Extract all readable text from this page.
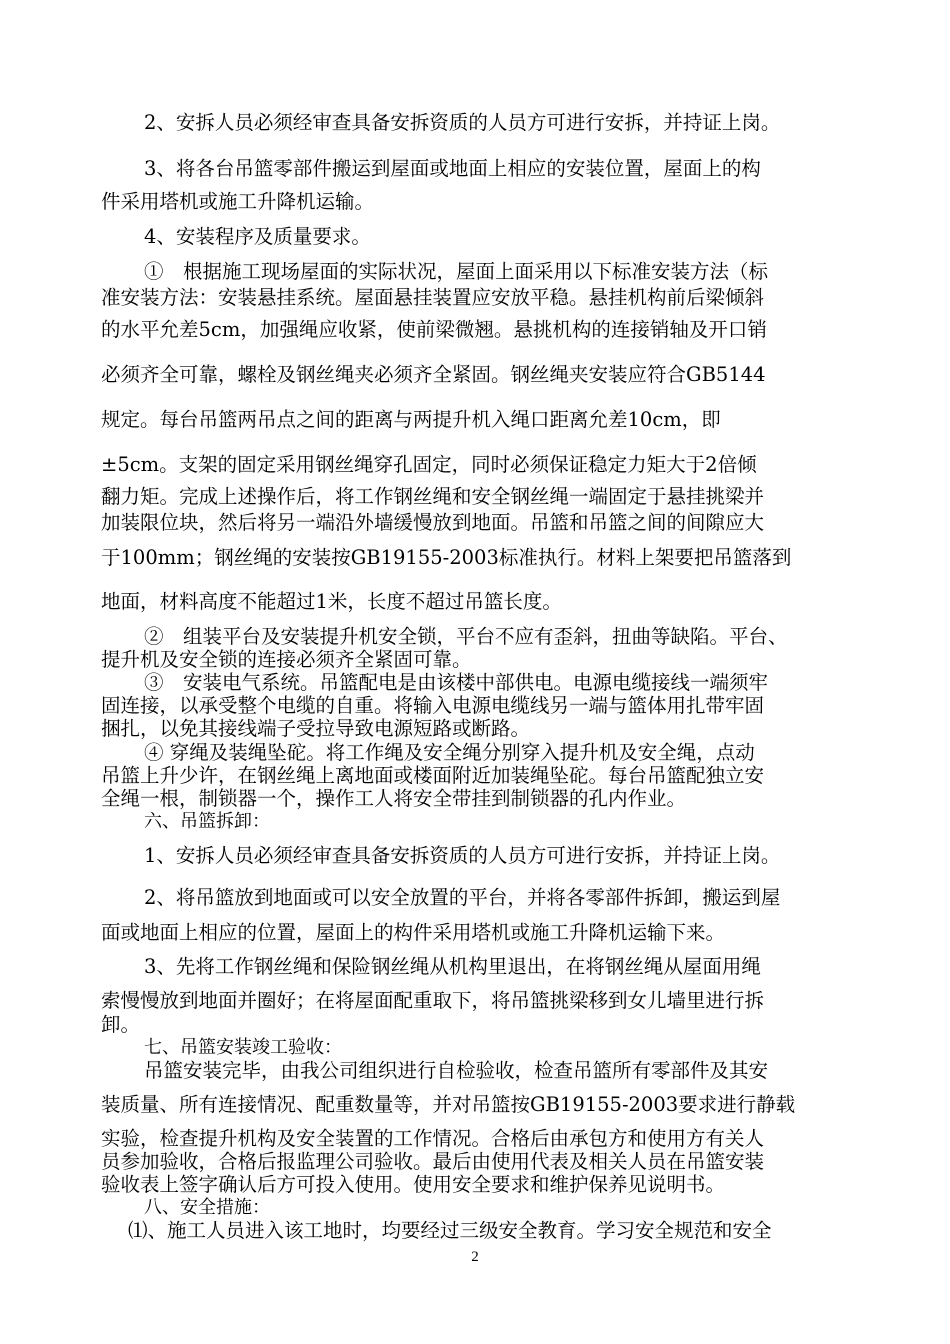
2、安拆人员必须经审查具备安拆资质的人员方可进行安拆，并持证上岗。
3、将各台吊篮零部件搬运到屋面或地面上相应的安装位置，屋面上的构
件采用塔机或施工升降机运输。
4、安装程序及质量要求。
①　根据施工现场屋面的实际状况，屋面上面采用以下标准安装方法（标
准安装方法：安装悬挂系统。屋面悬挂装置应安放平稳。悬挂机构前后梁倾斜
的水平允差5cm，加强绳应收紧，使前梁微翘。悬挑机构的连接销轴及开口销
必须齐全可靠，螺栓及钢丝绳夹必须齐全紧固。钢丝绳夹安装应符合GB5144
规定。每台吊篮两吊点之间的距离与两提升机入绳口距离允差10cm，即
±5cm。支架的固定采用钢丝绳穿孔固定，同时必须保证稳定力矩大于2倍倾
翻力矩。完成上述操作后，将工作钢丝绳和安全钢丝绳一端固定于悬挂挑梁并
加装限位块，然后将另一端沿外墙缓慢放到地面。吊篮和吊篮之间的间隙应大
于100mm；钢丝绳的安装按GB19155-2003标准执行。材料上架要把吊篮落到
地面，材料高度不能超过1米，长度不超过吊篮长度。
②　组装平台及安装提升机安全锁，平台不应有歪斜，扭曲等缺陷。平台、
提升机及安全锁的连接必须齐全紧固可靠。
③　安装电气系统。吊篮配电是由该楼中部供电。电源电缆接线一端须牢
固连接，以承受整个电缆的自重。将输入电源电缆线另一端与篮体用扎带牢固
捆扎，以免其接线端子受拉导致电源短路或断路。
④ 穿绳及装绳坠砣。将工作绳及安全绳分别穿入提升机及安全绳，点动
吊篮上升少许，在钢丝绳上离地面或楼面附近加装绳坠砣。每台吊篮配独立安
全绳一根，制锁器一个，操作工人将安全带挂到制锁器的孔内作业。
六、吊篮拆卸：
1、安拆人员必须经审查具备安拆资质的人员方可进行安拆，并持证上岗。
2、将吊篮放到地面或可以安全放置的平台，并将各零部件拆卸，搬运到屋
面或地面上相应的位置，屋面上的构件采用塔机或施工升降机运输下来。
3、先将工作钢丝绳和保险钢丝绳从机构里退出，在将钢丝绳从屋面用绳
索慢慢放到地面并圈好；在将屋面配重取下，将吊篮挑梁移到女儿墙里进行拆
卸。
七、吊篮安装竣工验收：
吊篮安装完毕，由我公司组织进行自检验收，检查吊篮所有零部件及其安
装质量、所有连接情况、配重数量等，并对吊篮按GB19155-2003要求进行静载
实验，检查提升机构及安全装置的工作情况。合格后由承包方和使用方有关人
员参加验收，合格后报监理公司验收。最后由使用代表及相关人员在吊篮安装
验收表上签字确认后方可投入使用。使用安全要求和维护保养见说明书。
八、安全措施：
⑴、施工人员进入该工地时，均要经过三级安全教育。学习安全规范和安全
2
